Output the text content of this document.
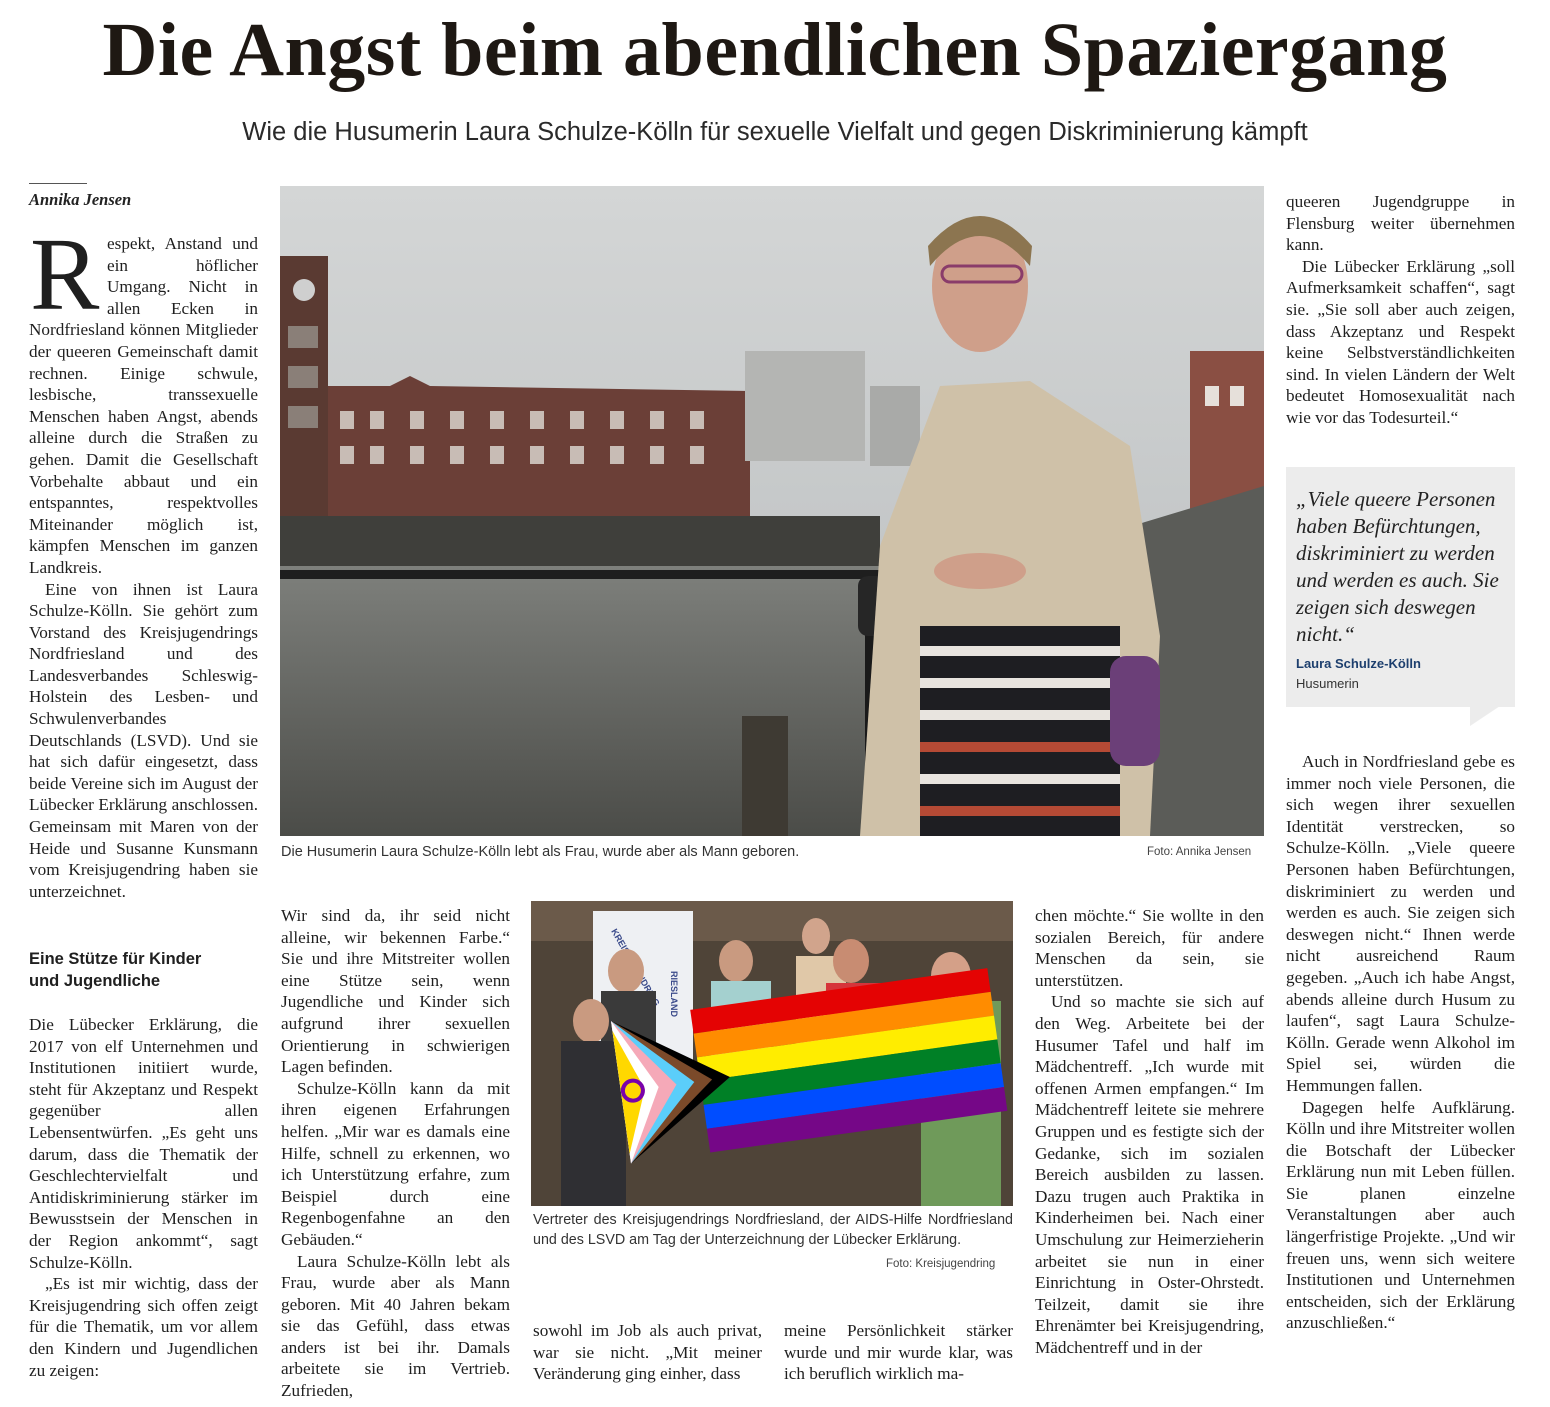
Die Angst beim abendlichen Spaziergang
Wie die Husumerin Laura Schulze-Kölln für sexuelle Vielfalt und gegen Diskriminierung kämpft
Annika Jensen
R espekt, Anstand und ein höflicher Umgang. Nicht in allen Ecken in Nordfriesland können Mitglieder der queeren Gemeinschaft damit rechnen. Einige schwule, lesbische, transsexuelle Menschen haben Angst, abends alleine durch die Straßen zu gehen. Damit die Gesellschaft Vorbehalte abbaut und ein entspanntes, respektvolles Miteinander möglich ist, kämpfen Menschen im ganzen Landkreis.

Eine von ihnen ist Laura Schulze-Kölln. Sie gehört zum Vorstand des Kreisjugendrings Nordfriesland und des Landesverbandes Schleswig-Holstein des Lesben- und Schwulenverbandes Deutschlands (LSVD). Und sie hat sich dafür eingesetzt, dass beide Vereine sich im August der Lübecker Erklärung anschlossen. Gemeinsam mit Maren von der Heide und Susanne Kunsmann vom Kreisjugendring haben sie unterzeichnet.

Eine Stütze für Kinder und Jugendliche

Die Lübecker Erklärung, die 2017 von elf Unternehmen und Institutionen initiiert wurde, steht für Akzeptanz und Respekt gegenüber allen Lebensentwürfen. „Es geht uns darum, dass die Thematik der Geschlechtervielfalt und Antidiskriminierung stärker im Bewusstsein der Menschen in der Region ankommt“, sagt Schulze-Kölln.

„Es ist mir wichtig, dass der Kreisjugendring sich offen zeigt für die Thematik, um vor allem den Kindern und Jugendlichen zu zeigen:

Die Husumerin Laura Schulze-Kölln lebt als Frau, wurde aber als Mann geboren.	Foto: Annika Jensen

queeren Jugendgruppe in Flensburg weiter übernehmen kann.

Die Lübecker Erklärung „soll Aufmerksamkeit schaffen“, sagt sie. „Sie soll aber auch zeigen, dass Akzeptanz und Respekt keine Selbstverständlichkeiten sind. In vielen Ländern der Welt bedeutet Homosexualität nach wie vor das Todesurteil.“

„Viele queere Personen haben Befürchtungen, diskriminiert zu werden und werden es auch. Sie zeigen sich deswegen nicht.“
Laura Schulze-Kölln
Husumerin

Auch in Nordfriesland gebe es immer noch viele Personen, die sich wegen ihrer sexuellen Identität verstrecken, so Schulze-Kölln. „Viele queere Personen haben Befürchtungen, diskriminiert zu werden und werden es auch. Sie zeigen sich deswegen nicht.“ Ihnen werde nicht ausreichend Raum gegeben. „Auch ich habe Angst, abends alleine durch Husum zu laufen“, sagt Laura Schulze-Kölln. Gerade wenn Alkohol im Spiel sei, würden die Hemmungen fallen.

Dagegen helfe Aufklärung. Kölln und ihre Mitstreiter wollen die Botschaft der Lübecker Erklärung nun mit Leben füllen. Sie planen einzelne Veranstaltungen aber auch längerfristige Projekte. „Und wir freuen uns, wenn sich weitere Institutionen und Unternehmen entscheiden, sich der Erklärung anzuschließen.“

Wir sind da, ihr seid nicht alleine, wir bekennen Farbe.“ Sie und ihre Mitstreiter wollen eine Stütze sein, wenn Jugendliche und Kinder sich aufgrund ihrer sexuellen Orientierung in schwierigen Lagen befinden.

Schulze-Kölln kann da mit ihren eigenen Erfahrungen helfen. „Mir war es damals eine Hilfe, schnell zu erkennen, wo ich Unterstützung erfahre, zum Beispiel durch eine Regenbogenfahne an den Gebäuden.“

Laura Schulze-Kölln lebt als Frau, wurde aber als Mann geboren. Mit 40 Jahren bekam sie das Gefühl, dass etwas anders ist bei ihr. Damals arbeitete sie im Vertrieb. Zufrieden,

RIESLAND
Vertreter des Kreisjugendrings Nordfriesland, der AIDS-Hilfe Nordfriesland und des LSVD am Tag der Unterzeichnung der Lübecker Erklärung.
Foto: Kreisjugendring

sowohl im Job als auch privat, war sie nicht. „Mit meiner Veränderung ging einher, dass

meine Persönlichkeit stärker wurde und mir wurde klar, was ich beruflich wirklich ma-

chen möchte.“ Sie wollte in den sozialen Bereich, für andere Menschen da sein, sie unterstützen.

Und so machte sie sich auf den Weg. Arbeitete bei der Husumer Tafel und half im Mädchentreff. „Ich wurde mit offenen Armen empfangen.“ Im Mädchentreff leitete sie mehrere Gruppen und es festigte sich der Gedanke, sich im sozialen Bereich ausbilden zu lassen. Dazu trugen auch Praktika in Kinderheimen bei. Nach einer Umschulung zur Heimerzieherin arbeitet sie nun in einer Einrichtung in Oster-Ohrstedt. Teilzeit, damit sie ihre Ehrenämter bei Kreisjugendring, Mädchentreff und in der
